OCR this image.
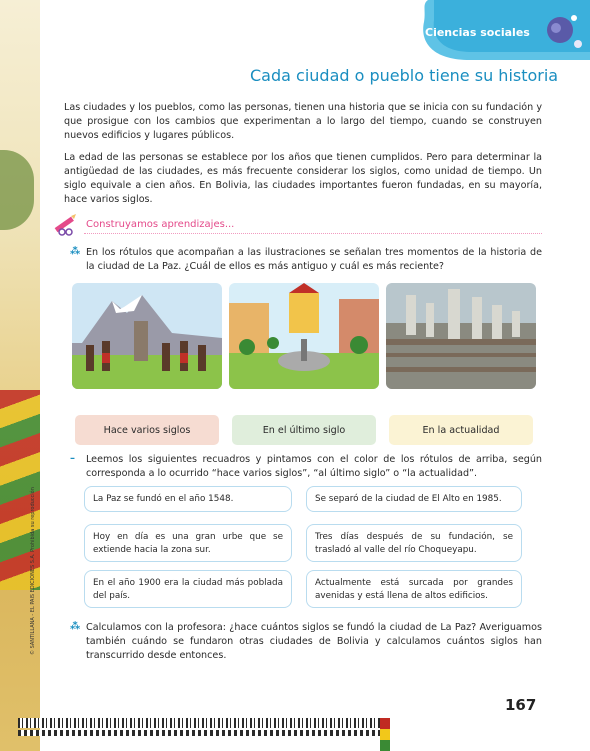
© SANTILLANA - EL PAIS EDICIONES S.A. Prohibida su reproducción
Ciencias sociales
Cada ciudad o pueblo tiene su historia
Las ciudades y los pueblos, como las personas, tienen una historia que se inicia con su fundación y que prosigue con los cambios que experimentan a lo largo del tiempo, cuando se construyen nuevos edificios y lugares públicos.
La edad de las personas se establece por los años que tienen cumplidos. Pero para determinar la antigüedad de las ciudades, es más frecuente considerar los siglos, como unidad de tiempo. Un siglo equivale a cien años. En Bolivia, las ciudades importantes fueron fundadas, en su mayoría, hace varios siglos.
Construyamos aprendizajes...
⁂ En los rótulos que acompañan a las ilustraciones se señalan tres momentos de la historia de la ciudad de La Paz. ¿Cuál de ellos es más antiguo y cuál es más reciente?
Hace varios siglos	En el último siglo	En la actualidad
– Leemos los siguientes recuadros y pintamos con el color de los rótulos de arriba, según corresponda a lo ocurrido “hace varios siglos”, “al último siglo” o “la actualidad”.
La Paz se fundó en el año 1548.	Se separó de la ciudad de El Alto en 1985.
Hoy en día es una gran urbe que se extiende hacia la zona sur.
Tres días después de su fundación, se trasladó al valle del río Choqueyapu.
En el año 1900 era la ciudad más poblada del país.
Actualmente está surcada por grandes avenidas y está llena de altos edificios.
⁂ Calculamos con la profesora: ¿hace cuántos siglos se fundó la ciudad de La Paz? Averiguamos también cuándo se fundaron otras ciudades de Bolivia y calculamos cuántos siglos han transcurrido desde entonces.
167
